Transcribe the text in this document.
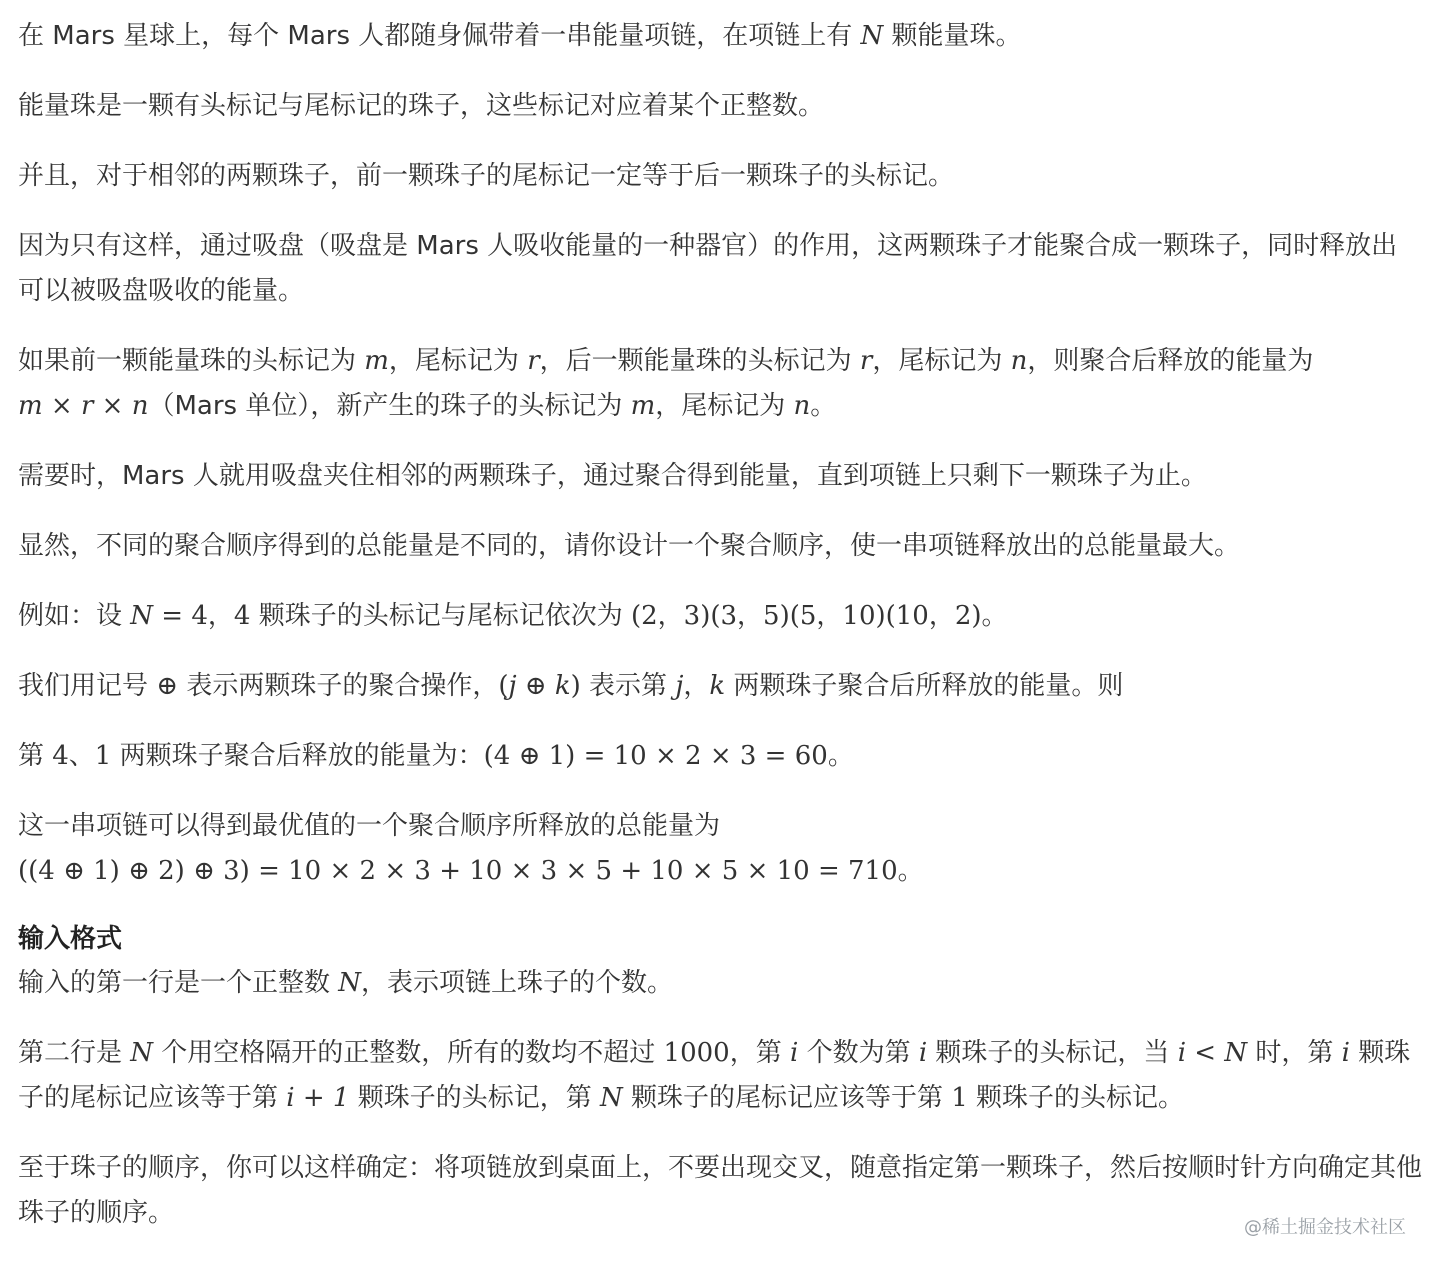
在 Mars 星球上，每个 Mars 人都随身佩带着一串能量项链，在项链上有 N 颗能量珠。

能量珠是一颗有头标记与尾标记的珠子，这些标记对应着某个正整数。

并且，对于相邻的两颗珠子，前一颗珠子的尾标记一定等于后一颗珠子的头标记。

因为只有这样，通过吸盘（吸盘是 Mars 人吸收能量的一种器官）的作用，这两颗珠子才能聚合成一颗珠子，同时释放出可以被吸盘吸收的能量。

如果前一颗能量珠的头标记为 m，尾标记为 r，后一颗能量珠的头标记为 r，尾标记为 n，则聚合后释放的能量为
m × r × n（Mars 单位），新产生的珠子的头标记为 m，尾标记为 n。

需要时，Mars 人就用吸盘夹住相邻的两颗珠子，通过聚合得到能量，直到项链上只剩下一颗珠子为止。

显然，不同的聚合顺序得到的总能量是不同的，请你设计一个聚合顺序，使一串项链释放出的总能量最大。

例如：设 N = 4，4 颗珠子的头标记与尾标记依次为 (2，3)(3，5)(5，10)(10，2)。

我们用记号 ⊕ 表示两颗珠子的聚合操作，(j ⊕ k) 表示第 j，k 两颗珠子聚合后所释放的能量。则

第 4、1 两颗珠子聚合后释放的能量为：(4 ⊕ 1) = 10 × 2 × 3 = 60。

这一串项链可以得到最优值的一个聚合顺序所释放的总能量为
((4 ⊕ 1) ⊕ 2) ⊕ 3) = 10 × 2 × 3 + 10 × 3 × 5 + 10 × 5 × 10 = 710。

输入格式

输入的第一行是一个正整数 N，表示项链上珠子的个数。

第二行是 N 个用空格隔开的正整数，所有的数均不超过 1000，第 i 个数为第 i 颗珠子的头标记，当 i < N 时，第 i 颗珠子的尾标记应该等于第 i + 1 颗珠子的头标记，第 N 颗珠子的尾标记应该等于第 1 颗珠子的头标记。

至于珠子的顺序，你可以这样确定：将项链放到桌面上，不要出现交叉，随意指定第一颗珠子，然后按顺时针方向确定其他珠子的顺序。	@稀土掘金技术社区
